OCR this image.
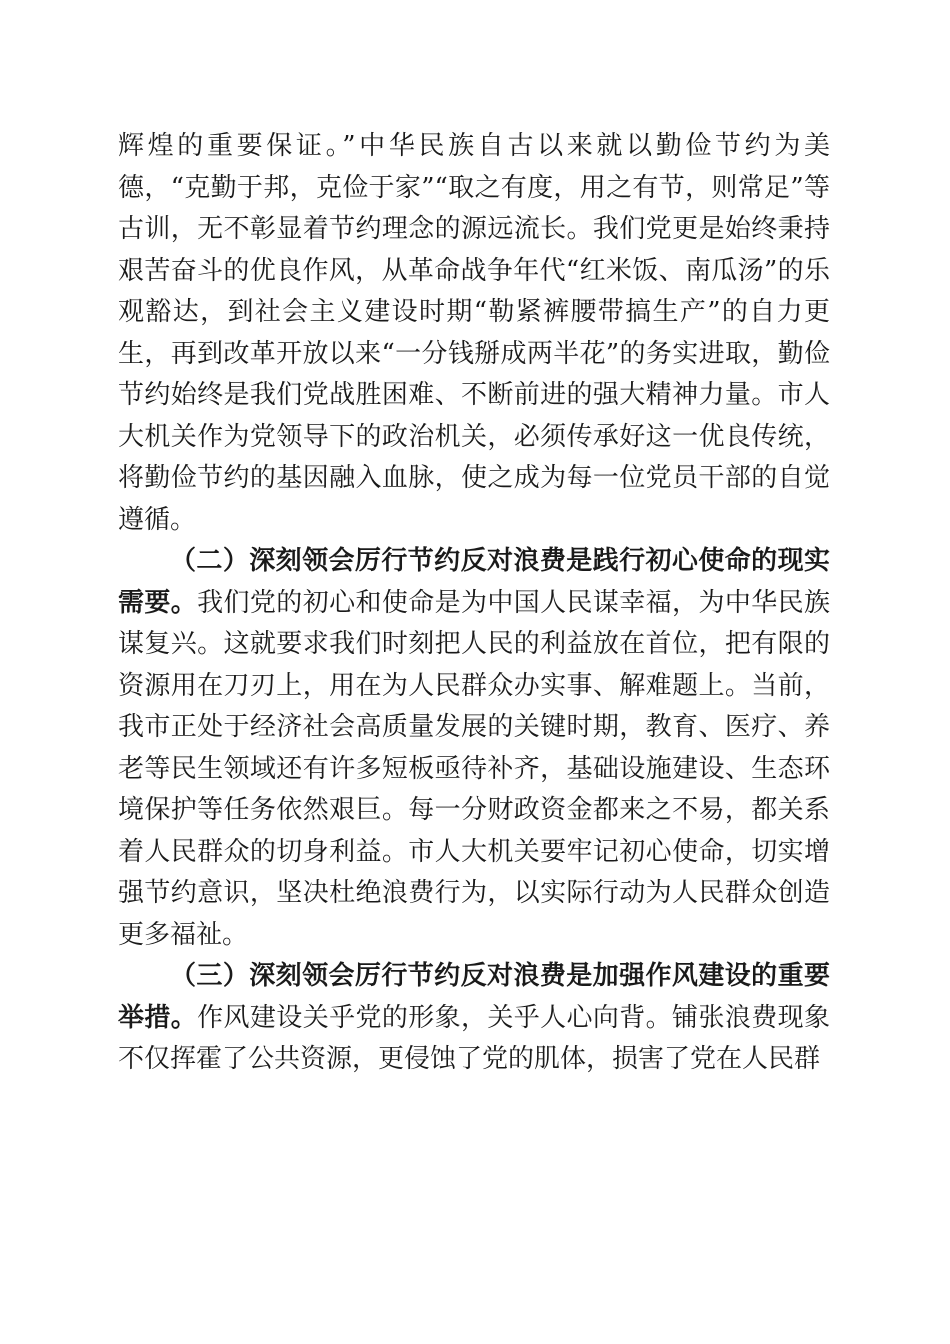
辉煌的重要保证。”中华民族自古以来就以勤俭节约为美德，“克勤于邦，克俭于家”“取之有度，用之有节，则常足”等古训，无不彰显着节约理念的源远流长。我们党更是始终秉持艰苦奋斗的优良作风，从革命战争年代“红米饭、南瓜汤”的乐观豁达，到社会主义建设时期“勒紧裤腰带搞生产”的自力更生，再到改革开放以来“一分钱掰成两半花”的务实进取，勤俭节约始终是我们党战胜困难、不断前进的强大精神力量。市人大机关作为党领导下的政治机关，必须传承好这一优良传统，将勤俭节约的基因融入血脉，使之成为每一位党员干部的自觉遵循。

（二）深刻领会厉行节约反对浪费是践行初心使命的现实需要。我们党的初心和使命是为中国人民谋幸福，为中华民族谋复兴。这就要求我们时刻把人民的利益放在首位，把有限的资源用在刀刃上，用在为人民群众办实事、解难题上。当前，我市正处于经济社会高质量发展的关键时期，教育、医疗、养老等民生领域还有许多短板亟待补齐，基础设施建设、生态环境保护等任务依然艰巨。每一分财政资金都来之不易，都关系着人民群众的切身利益。市人大机关要牢记初心使命，切实增强节约意识，坚决杜绝浪费行为，以实际行动为人民群众创造更多福祉。

（三）深刻领会厉行节约反对浪费是加强作风建设的重要举措。作风建设关乎党的形象，关乎人心向背。铺张浪费现象不仅挥霍了公共资源，更侵蚀了党的肌体，损害了党在人民群
